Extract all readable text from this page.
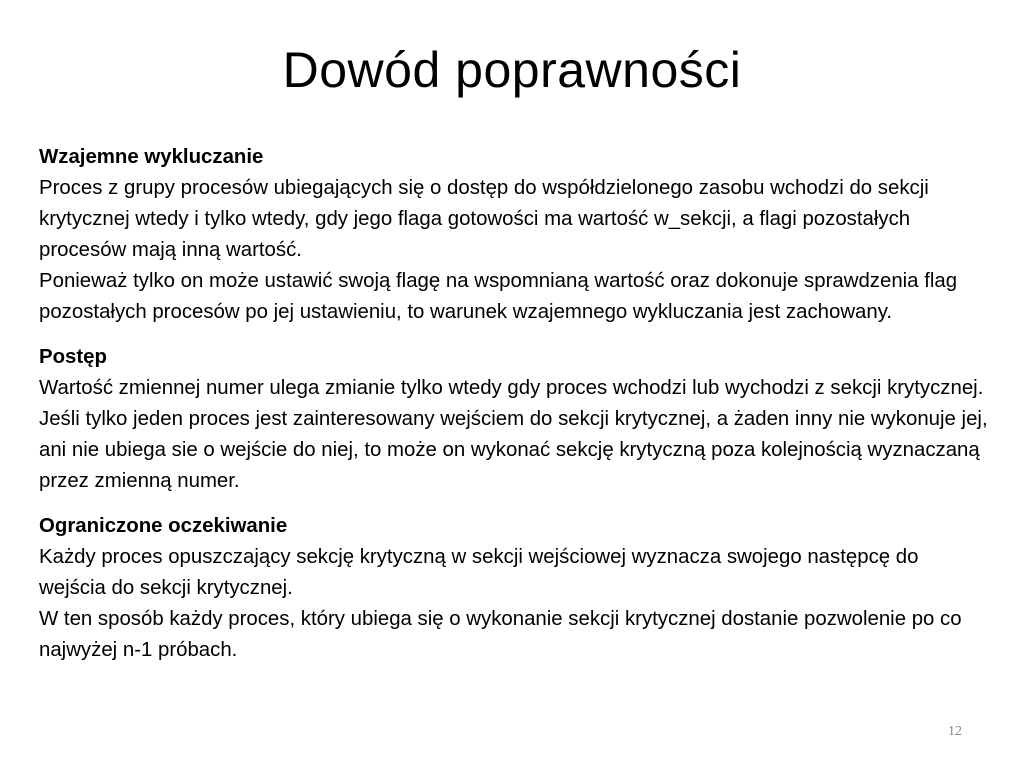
Dowód poprawności

Wzajemne wykluczanie

Proces z grupy procesów ubiegających się o dostęp do współdzielonego zasobu wchodzi do sekcji krytycznej wtedy i tylko wtedy, gdy jego flaga gotowości ma wartość w_sekcji, a flagi pozostałych procesów mają inną wartość.

Ponieważ tylko on może ustawić swoją flagę na wspomnianą wartość oraz dokonuje sprawdzenia flag pozostałych procesów po jej ustawieniu, to warunek wzajemnego wykluczania jest zachowany.

Postęp

Wartość zmiennej numer ulega zmianie tylko wtedy gdy proces wchodzi lub wychodzi z sekcji krytycznej.

Jeśli tylko jeden proces jest zainteresowany wejściem do sekcji krytycznej, a żaden inny nie wykonuje jej, ani nie ubiega sie o wejście do niej, to może on wykonać sekcję krytyczną poza kolejnością wyznaczaną przez zmienną numer.

Ograniczone oczekiwanie

Każdy proces opuszczający sekcję krytyczną w sekcji wejściowej wyznacza swojego następcę do wejścia do sekcji krytycznej.

W ten sposób każdy proces, który ubiega się o wykonanie sekcji krytycznej dostanie pozwolenie po co najwyżej n-1 próbach.

12
